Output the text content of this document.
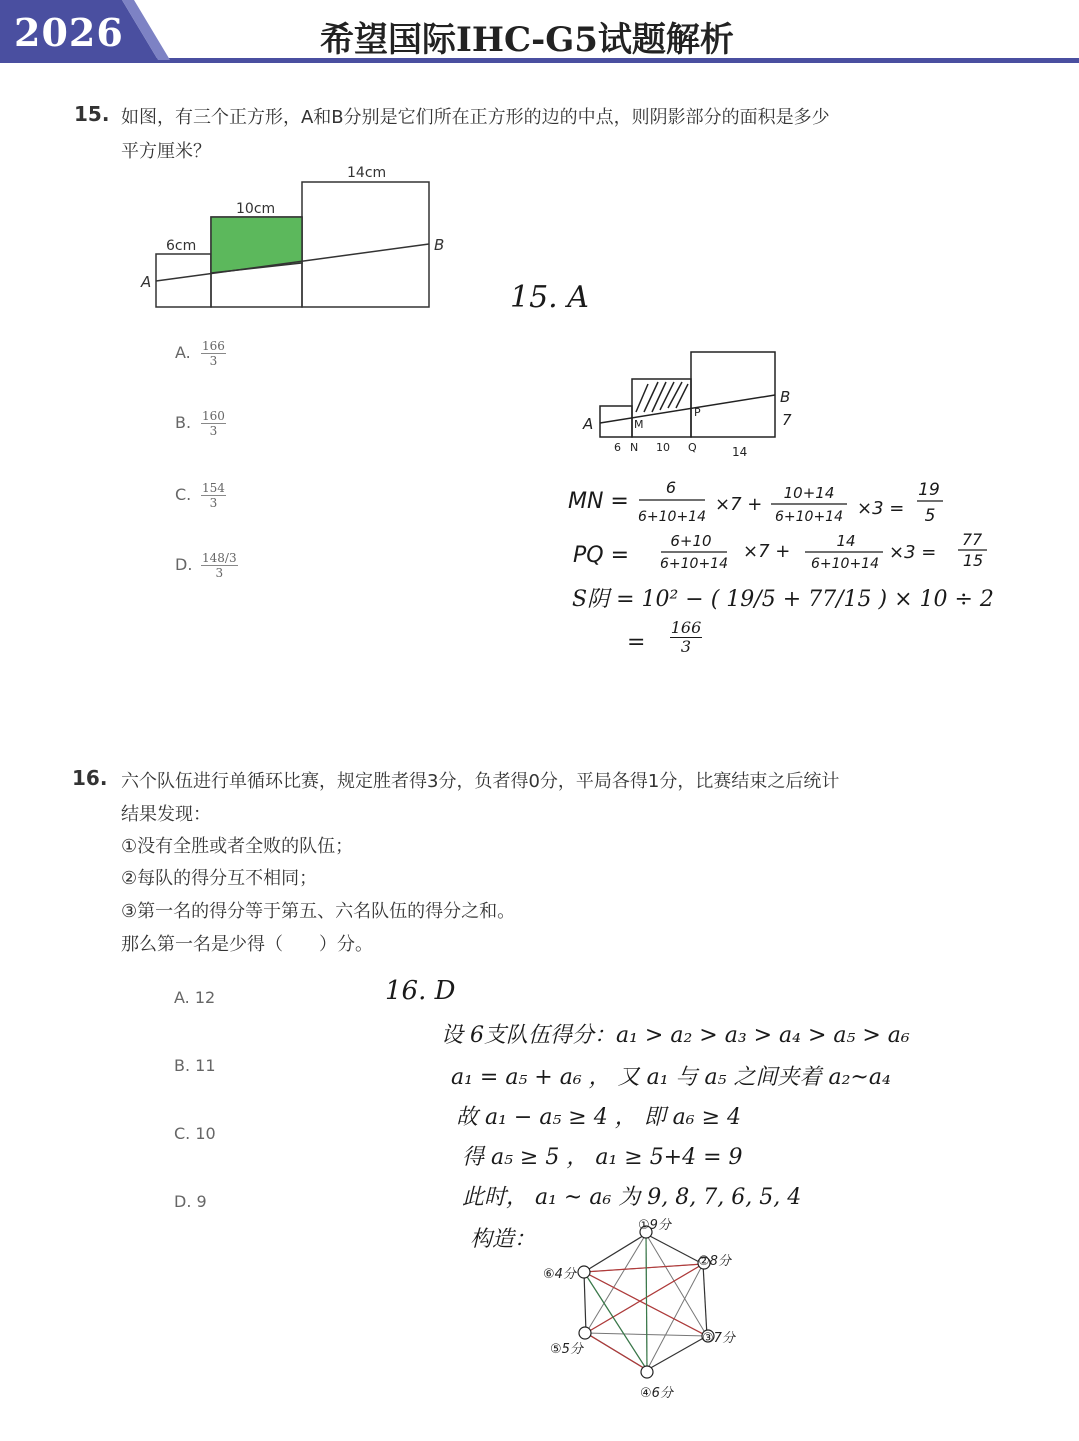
2026	希望国际IHC-G5试题解析
15. 如图，有三个正方形，A和B分别是它们所在正方形的边的中点，则阴影部分的面积是多少
平方厘米？
6cm
10cm
14cm
A
B
A. $\frac{166}{3}$
B. $\frac{160}{3}$
C. $\frac{154}{3}$
D. $\frac{148/3}{3}$
15. A
A
B
7
M
P
6 N 10 Q	14
MN =
6
6+10+14
×7 +
10+14
6+10+14 ×3 =
19
5
PQ =
6+10
6+10+14
×7 +	14
6+10+14
×3 =
77
15
S阴 = 10² − ( 19/5 + 77/15 ) × 10 ÷ 2
= $\frac{166}{3}$
16. 六个队伍进行单循环比赛，规定胜者得3分，负者得0分，平局各得1分，比赛结束之后统计
结果发现：
①没有全胜或者全败的队伍；
②每队的得分互不相同；
③第一名的得分等于第五、六名队伍的得分之和。
那么第一名是少得（　　）分。
A. 12
B. 11
C. 10
D. 9
16. D
设 6支队伍得分：a₁ > a₂ > a₃ > a₄ > a₅ > a₆
a₁ = a₅ + a₆ ， 又 a₁ 与 a₅ 之间夹着 a₂~a₄
故 a₁ − a₅ ≥ 4 ， 即 a₆ ≥ 4
得 a₅ ≥ 5 ， a₁ ≥ 5+4 = 9
此时， a₁ ~ a₆ 为 9, 8, 7, 6, 5, 4
构造：
①9分
②8分
③7分
④6分
⑤5分
⑥4分
